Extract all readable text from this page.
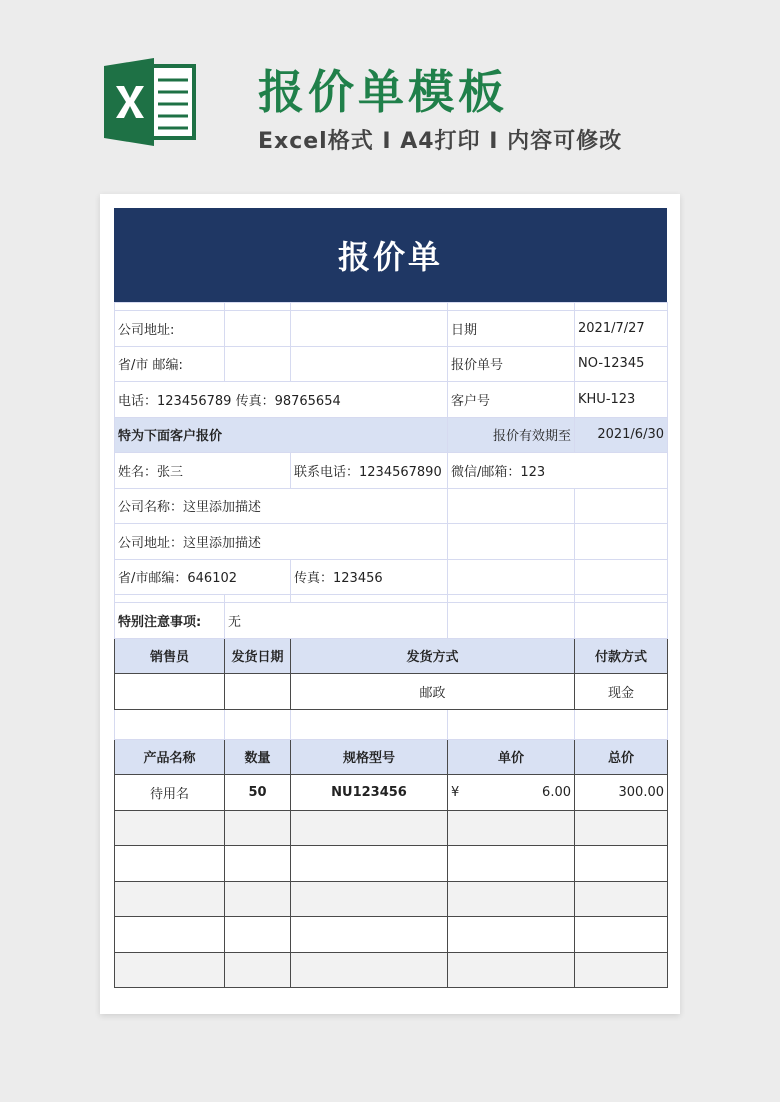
报价单模板
Excel格式 I A4打印 I 内容可修改
报价单

公司地址:			日期	2021/7/27
省/市 邮编:			报价单号	NO-12345
电话：123456789 传真：98765654			客户号	KHU-123
特为下面客户报价			报价有效期至	2021/6/30
姓名：张三		联系电话：1234567890	微信/邮箱：123	
公司名称：这里添加描述				
公司地址：这里添加描述				
省/市邮编：646102		传真：123456		

特别注意事项:	无			
销售员	发货日期	发货方式		付款方式
		邮政		现金

产品名称	数量	规格型号	单价	总价
待用名	50	NU123456	¥ 6.00	300.00
